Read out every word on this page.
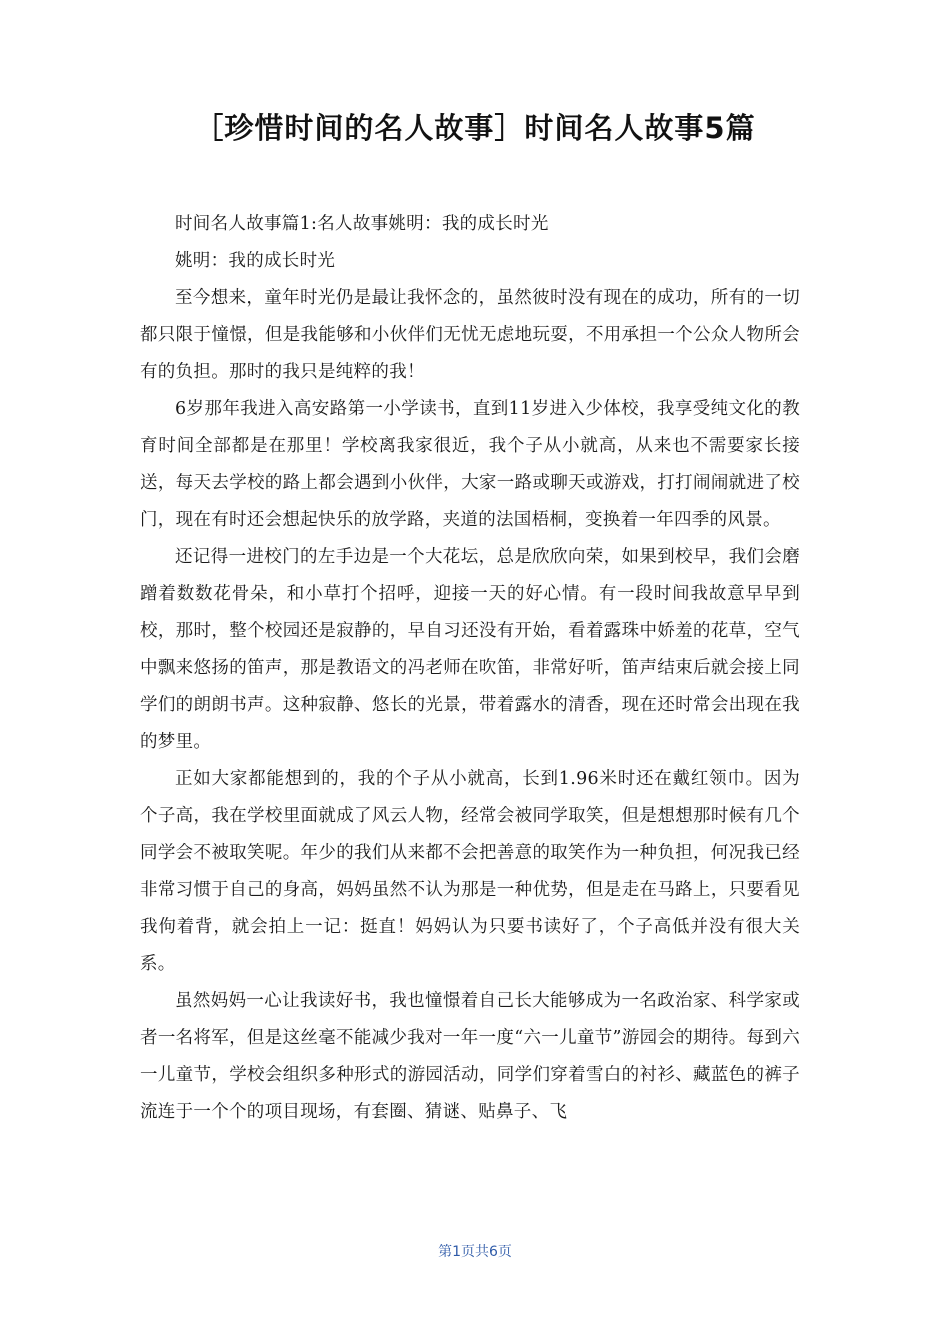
［珍惜时间的名人故事］时间名人故事5篇

时间名人故事篇1:名人故事姚明：我的成长时光

姚明：我的成长时光

至今想来，童年时光仍是最让我怀念的，虽然彼时没有现在的成功，所有的一切都只限于憧憬，但是我能够和小伙伴们无忧无虑地玩耍，不用承担一个公众人物所会有的负担。那时的我只是纯粹的我！

6岁那年我进入高安路第一小学读书，直到11岁进入少体校，我享受纯文化的教育时间全部都是在那里！学校离我家很近，我个子从小就高，从来也不需要家长接送，每天去学校的路上都会遇到小伙伴，大家一路或聊天或游戏，打打闹闹就进了校门，现在有时还会想起快乐的放学路，夹道的法国梧桐，变换着一年四季的风景。

还记得一进校门的左手边是一个大花坛，总是欣欣向荣，如果到校早，我们会磨蹭着数数花骨朵，和小草打个招呼，迎接一天的好心情。有一段时间我故意早早到校，那时，整个校园还是寂静的，早自习还没有开始，看着露珠中娇羞的花草，空气中飘来悠扬的笛声，那是教语文的冯老师在吹笛，非常好听，笛声结束后就会接上同学们的朗朗书声。这种寂静、悠长的光景，带着露水的清香，现在还时常会出现在我的梦里。

正如大家都能想到的，我的个子从小就高，长到1.96米时还在戴红领巾。因为个子高，我在学校里面就成了风云人物，经常会被同学取笑，但是想想那时候有几个同学会不被取笑呢。年少的我们从来都不会把善意的取笑作为一种负担，何况我已经非常习惯于自己的身高，妈妈虽然不认为那是一种优势，但是走在马路上，只要看见我佝着背，就会拍上一记：挺直！妈妈认为只要书读好了，个子高低并没有很大关系。

虽然妈妈一心让我读好书，我也憧憬着自己长大能够成为一名政治家、科学家或者一名将军，但是这丝毫不能减少我对一年一度“六一儿童节”游园会的期待。每到六一儿童节，学校会组织多种形式的游园活动，同学们穿着雪白的衬衫、藏蓝色的裤子流连于一个个的项目现场，有套圈、猜谜、贴鼻子、飞

第1页共6页
